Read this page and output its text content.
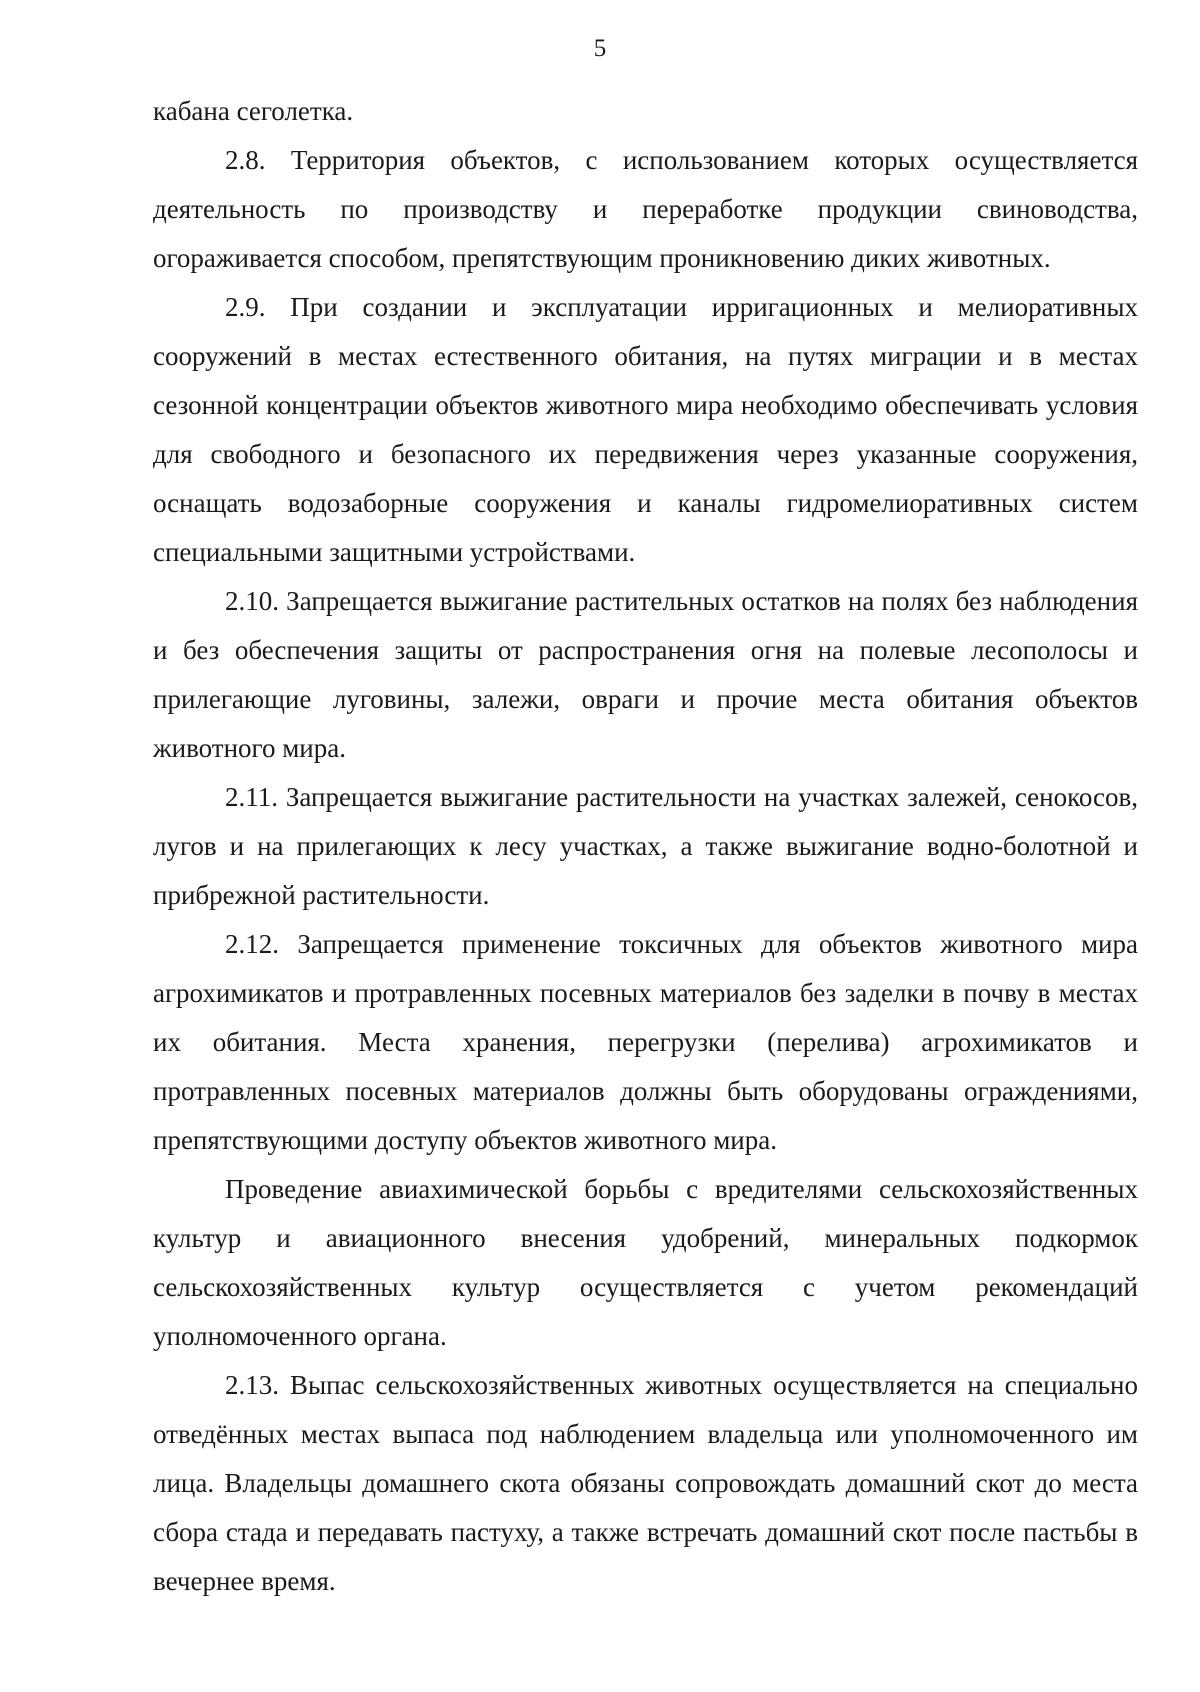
5

кабана сеголетка.

2.8. Территория объектов, с использованием которых осуществляется деятельность по производству и переработке продукции свиноводства, огораживается способом, препятствующим проникновению диких животных.

2.9. При создании и эксплуатации ирригационных и мелиоративных сооружений в местах естественного обитания, на путях миграции и в местах сезонной концентрации объектов животного мира необходимо обеспечивать условия для свободного и безопасного их передвижения через указанные сооружения, оснащать водозаборные сооружения и каналы гидромелиоративных систем специальными защитными устройствами.

2.10. Запрещается выжигание растительных остатков на полях без наблюдения и без обеспечения защиты от распространения огня на полевые лесополосы и прилегающие луговины, залежи, овраги и прочие места обитания объектов животного мира.

2.11. Запрещается выжигание растительности на участках залежей, сенокосов, лугов и на прилегающих к лесу участках, а также выжигание водно-болотной и прибрежной растительности.

2.12. Запрещается применение токсичных для объектов животного мира агрохимикатов и протравленных посевных материалов без заделки в почву в местах их обитания. Места хранения, перегрузки (перелива) агрохимикатов и протравленных посевных материалов должны быть оборудованы ограждениями, препятствующими доступу объектов животного мира.

Проведение авиахимической борьбы с вредителями сельскохозяйственных культур и авиационного внесения удобрений, минеральных подкормок сельскохозяйственных культур осуществляется с учетом рекомендаций уполномоченного органа.

2.13. Выпас сельскохозяйственных животных осуществляется на специально отведённых местах выпаса под наблюдением владельца или уполномоченного им лица. Владельцы домашнего скота обязаны сопровождать домашний скот до места сбора стада и передавать пастуху, а также встречать домашний скот после пастьбы в вечернее время.
